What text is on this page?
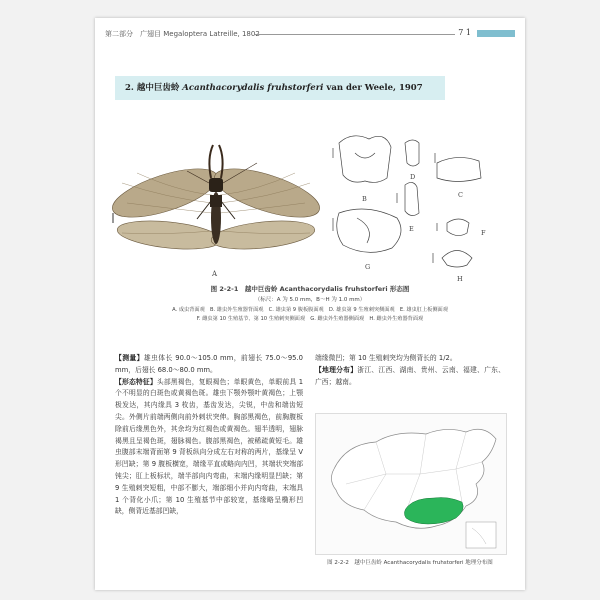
第二部分　广翅目 Megaloptera Latreille, 1802	7 1
2. 越中巨齿蛉 Acanthacorydalis fruhstorferi van der Weele, 1907
A
B	C
D
E	F
G
H
图 2-2-1　越中巨齿蛉 Acanthacorydalis fruhstorferi 形态图
（标尺：A 为 5.0 mm，B～H 为 1.0 mm）
A. 成虫背面观　B. 雄虫外生殖器背面观　C. 雄虫第 9 腹板腹面观　D. 雄虫第 9 生殖刺突侧面观　E. 雄虫肛上板侧面观
F. 雌虫第 10 生殖基节、第 10 生殖刺突侧面观　G. 雌虫外生殖器侧面观　H. 雌虫外生殖器背面观

【测量】雄虫体长 90.0～105.0 mm，前翅长 75.0～95.0 mm，后翅长 68.0～80.0 mm。

【形态特征】头部黑褐色，复眼褐色；单眼黄色，单眼前具 1 个不明显的白斑色或黄褐色斑。雄虫下颚外颚叶黄褐色；上颚极发达，其内缘具 3 枚齿，基齿发达，尖锐，中齿和端齿短尖。外侧片前端两侧向前外刺状突伸。胸部黑褐色，前胸腹板除前后缘黑色外，其余均为红褐色或黄褐色。翅半透明，翅脉褐黑且呈褐色斑，翅脉褐色。腹部黑褐色，被稀疏黄短毛。雄虫腹部末端背面第 9 背板纵向分成左右对称的两片，基缘呈 V 形凹缺；第 9 腹板横宽，端缘平直或略向内凹，其端状突端部钝尖；肛上板标状，端半部向内弯曲，末端内缘明显凹缺；第 9 生殖刺突短粗，中部不膨大，端部细小并向内弯曲，末端具 1 个背化小爪；第 10 生殖基节中部较宽，基缘略呈椭形凹缺，侧背近基部凹缺，

端缘微凹；第 10 生殖刺突均为侧背长的 1/2。

【地理分布】浙江、江西、湖南、贵州、云南、福建、广东、广西；越南。

图 2-2-2　越中巨齿蛉 Acanthacorydalis fruhstorferi 地理分布图
